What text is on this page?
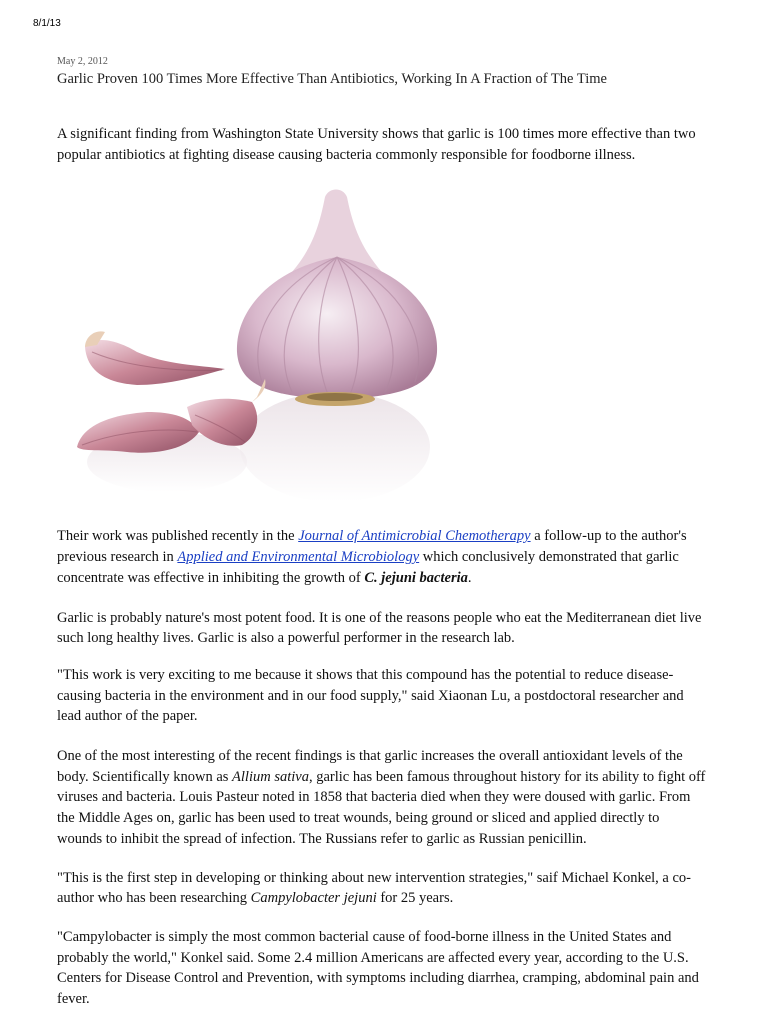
8/1/13
May 2, 2012
Garlic Proven 100 Times More Effective Than Antibiotics, Working In A Fraction of The Time

A significant finding from Washington State University shows that garlic is 100 times more effective than two popular antibiotics at fighting disease causing bacteria commonly responsible for foodborne illness.

Their work was published recently in the Journal of Antimicrobial Chemotherapy a follow-up to the author's previous research in Applied and Environmental Microbiology which conclusively demonstrated that garlic concentrate was effective in inhibiting the growth of C. jejuni bacteria.

Garlic is probably nature's most potent food. It is one of the reasons people who eat the Mediterranean diet live such long healthy lives. Garlic is also a powerful performer in the research lab.

"This work is very exciting to me because it shows that this compound has the potential to reduce disease-causing bacteria in the environment and in our food supply," said Xiaonan Lu, a postdoctoral researcher and lead author of the paper.

One of the most interesting of the recent findings is that garlic increases the overall antioxidant levels of the body. Scientifically known as Allium sativa, garlic has been famous throughout history for its ability to fight off viruses and bacteria. Louis Pasteur noted in 1858 that bacteria died when they were doused with garlic. From the Middle Ages on, garlic has been used to treat wounds, being ground or sliced and applied directly to wounds to inhibit the spread of infection. The Russians refer to garlic as Russian penicillin.

"This is the first step in developing or thinking about new intervention strategies," saif Michael Konkel, a co-author who has been researching Campylobacter jejuni for 25 years.

"Campylobacter is simply the most common bacterial cause of food-borne illness in the United States and probably the world," Konkel said. Some 2.4 million Americans are affected every year, according to the U.S. Centers for Disease Control and Prevention, with symptoms including diarrhea, cramping, abdominal pain and fever.
